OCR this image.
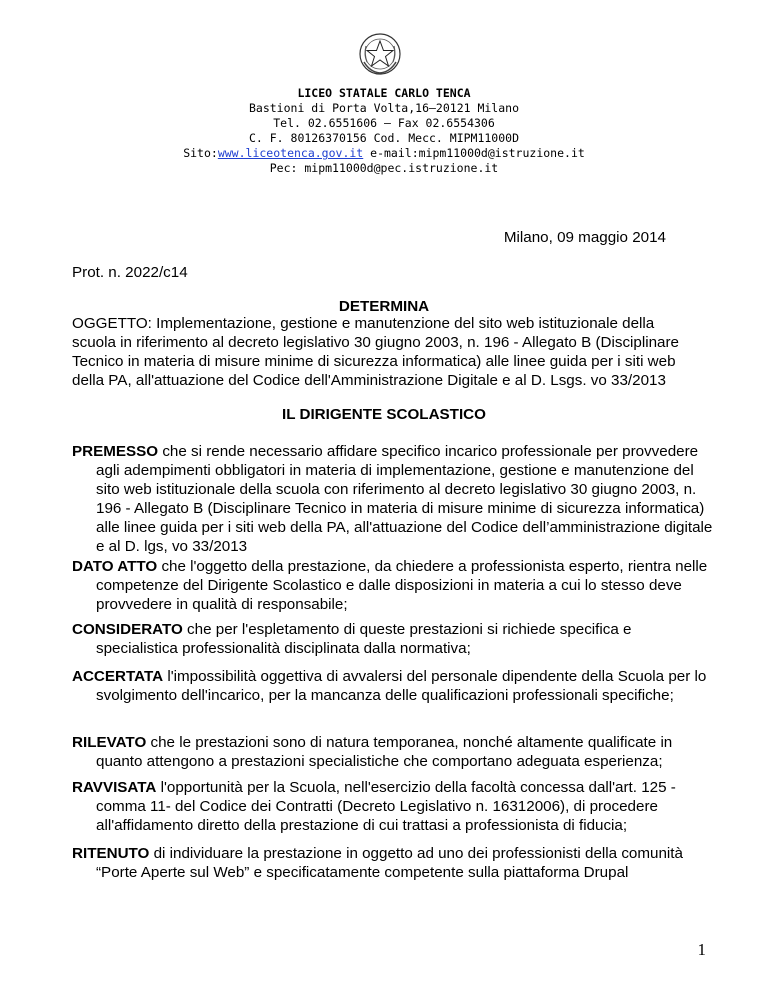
LICEO STATALE CARLO TENCA
Bastioni di Porta Volta,16–20121 Milano
Tel. 02.6551606 – Fax 02.6554306
C. F. 80126370156 Cod. Mecc. MIPM11000D
Sito:www.liceotenca.gov.it e-mail:mipm11000d@istruzione.it
Pec: mipm11000d@pec.istruzione.it
Milano, 09 maggio 2014
Prot. n. 2022/c14
DETERMINA
OGGETTO: Implementazione, gestione e manutenzione del sito web istituzionale della scuola in riferimento al decreto legislativo 30 giugno 2003, n. 196 - Allegato B (Disciplinare Tecnico in materia di misure minime di sicurezza informatica) alle linee guida per i siti web della PA, all'attuazione del Codice dell'Amministrazione Digitale e al D. Lsgs. vo 33/2013
IL DIRIGENTE SCOLASTICO
PREMESSO che si rende necessario affidare specifico incarico professionale per provvedere agli adempimenti obbligatori in materia di implementazione, gestione e manutenzione del sito web istituzionale della scuola con riferimento al decreto legislativo 30 giugno 2003, n. 196 - Allegato B (Disciplinare Tecnico in materia di misure minime di sicurezza informatica) alle linee guida per i siti web della PA, all'attuazione del Codice dell’amministrazione digitale e al D. lgs, vo 33/2013
DATO ATTO che l'oggetto della prestazione, da chiedere a professionista esperto, rientra nelle competenze del Dirigente Scolastico e dalle disposizioni in materia a cui lo stesso deve provvedere in qualità di responsabile;
CONSIDERATO che per l'espletamento di queste prestazioni si richiede specifica e specialistica professionalità disciplinata dalla normativa;
ACCERTATA l'impossibilità oggettiva di avvalersi del personale dipendente della Scuola per lo svolgimento dell'incarico, per la mancanza delle qualificazioni professionali specifiche;
RILEVATO che le prestazioni sono di natura temporanea, nonché altamente qualificate in quanto attengono a prestazioni specialistiche che comportano adeguata esperienza;
RAVVISATA l'opportunità per la Scuola, nell'esercizio della facoltà concessa dall'art. 125 - comma 11- del Codice dei Contratti (Decreto Legislativo n. 16312006), di procedere all'affidamento diretto della prestazione di cui trattasi a professionista di fiducia;
RITENUTO di individuare la prestazione in oggetto ad uno dei professionisti della comunità “Porte Aperte sul Web” e specificatamente competente sulla piattaforma Drupal
1
